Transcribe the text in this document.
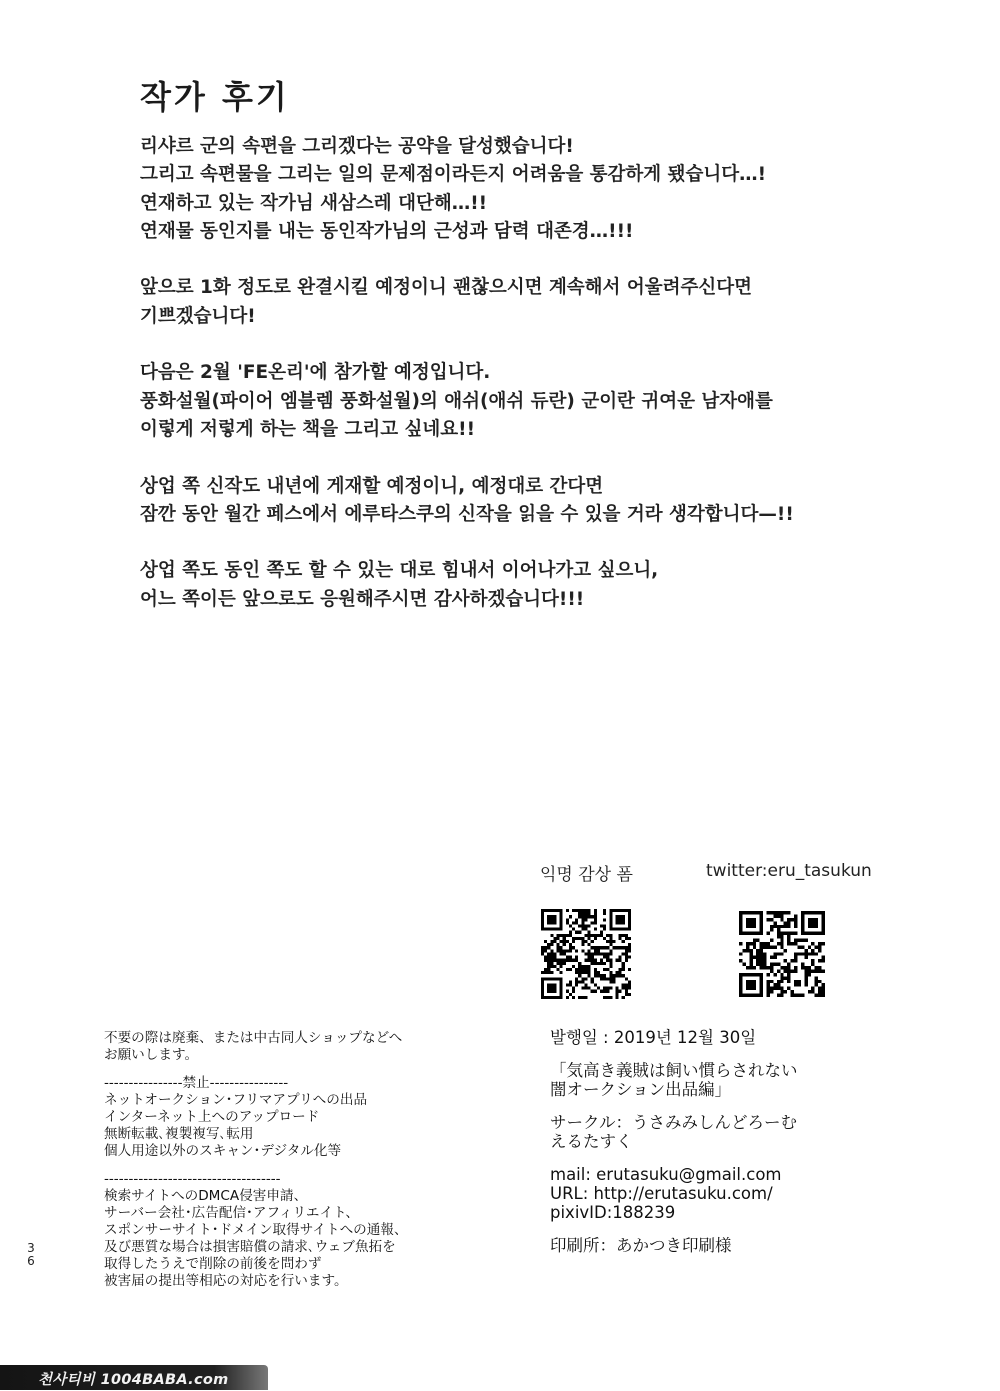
작가 후기

리샤르 군의 속편을 그리겠다는 공약을 달성했습니다!
그리고 속편물을 그리는 일의 문제점이라든지 어려움을 통감하게 됐습니다…!
연재하고 있는 작가님 새삼스레 대단해…!!
연재물 동인지를 내는 동인작가님의 근성과 담력 대존경…!!!

앞으로 1화 정도로 완결시킬 예정이니 괜찮으시면 계속해서 어울려주신다면
기쁘겠습니다!

다음은 2월 'FE온리'에 참가할 예정입니다.
풍화설월(파이어 엠블렘 풍화설월)의 애쉬(애쉬 듀란) 군이란 귀여운 남자애를
이렇게 저렇게 하는 책을 그리고 싶네요!!

상업 쪽 신작도 내년에 게재할 예정이니, 예정대로 간다면
잠깐 동안 월간 페스에서 에루타스쿠의 신작을 읽을 수 있을 거라 생각합니다—!!

상업 쪽도 동인 쪽도 할 수 있는 대로 힘내서 이어나가고 싶으니,
어느 쪽이든 앞으로도 응원해주시면 감사하겠습니다!!!

익명 감상 폼	twitter:eru_tasukun
不要の際は廃棄、または中古同人ショップなどへ
お願いします。
----------------禁止----------------
ネットオークション･フリマアプリへの出品
インターネット上へのアップロード
無断転載､複製複写､転用
個人用途以外のスキャン･デジタル化等
------------------------------------
検索サイトへのDMCA侵害申請、
サーバー会社･広告配信･アフィリエイト、
スポンサーサイト･ドメイン取得サイトへの通報、
及び悪質な場合は損害賠償の請求､ウェブ魚拓を
取得したうえで削除の前後を問わず
被害届の提出等相応の対応を行います。
발행일 : 2019년 12월 30일
「気高き義賊は飼い慣らされない
闇オークション出品編」
サークル：うさみみしんどろーむ
えるたすく
mail: erutasuku@gmail.com
URL: http://erutasuku.com/
pixivID:188239
印刷所：あかつき印刷様
3
6
천사티비 1004BABA.com
